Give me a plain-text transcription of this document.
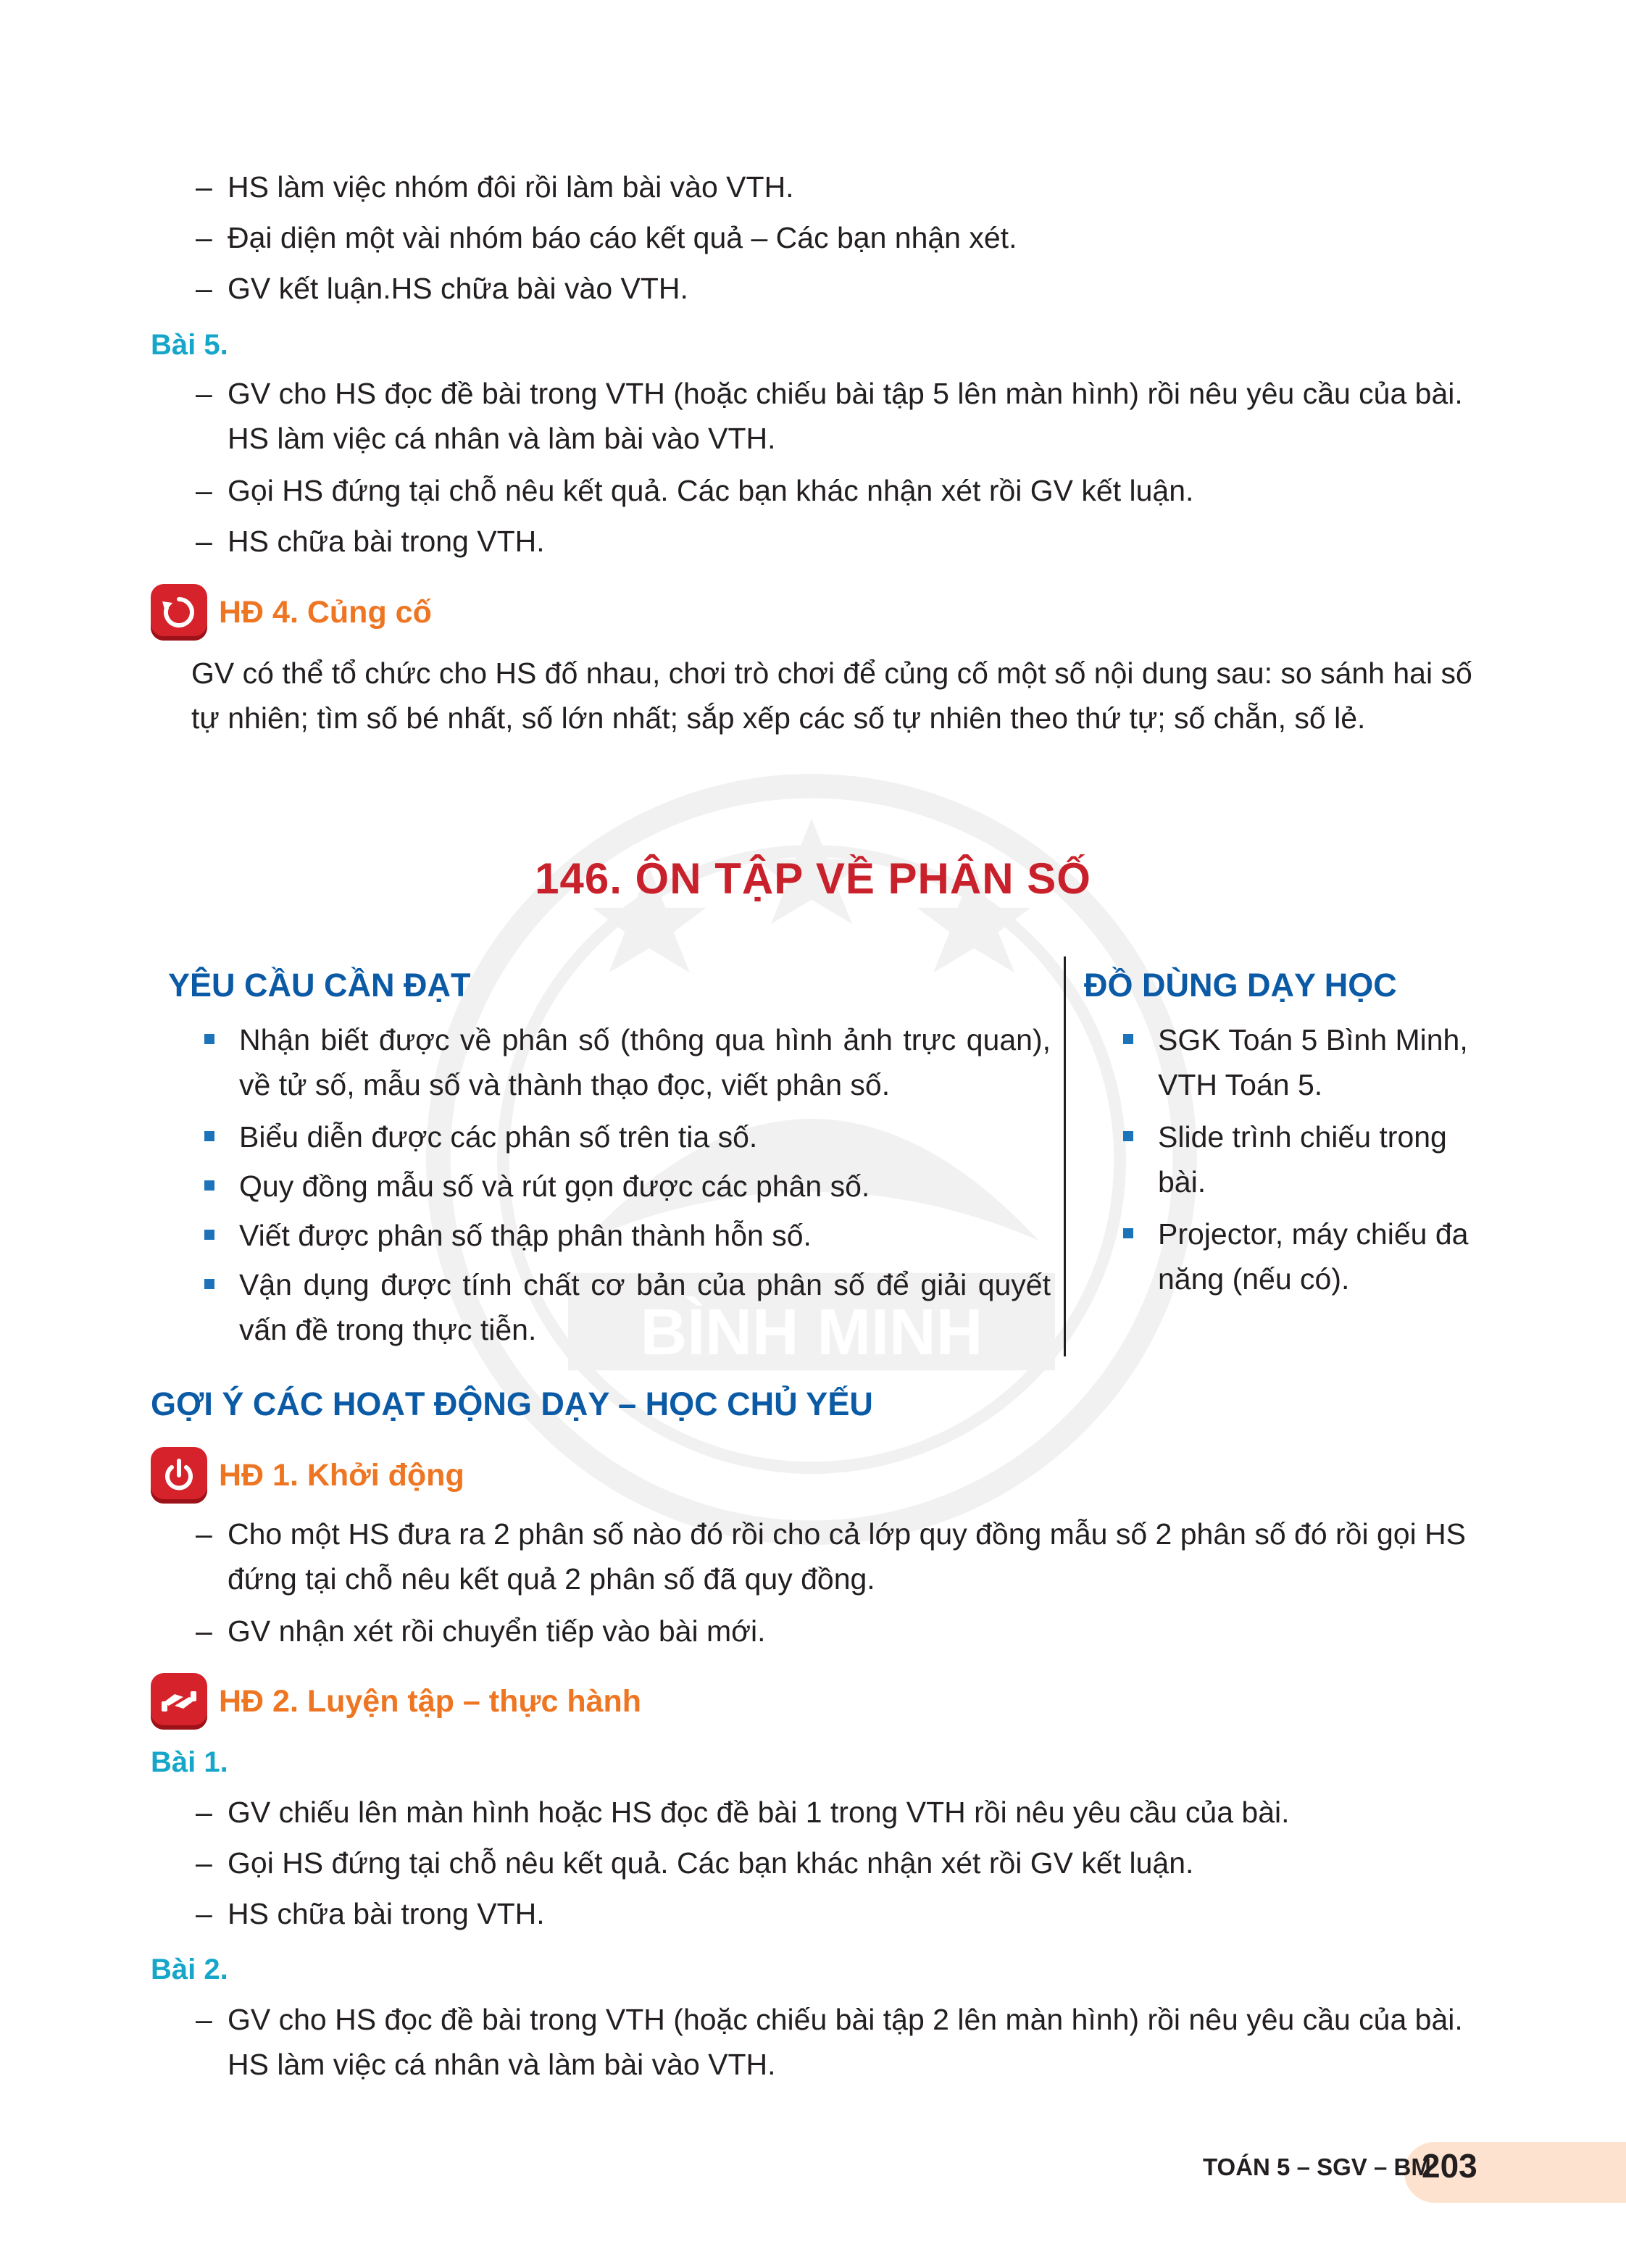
BÌNH MINH
– HS làm việc nhóm đôi rồi làm bài vào VTH.
– Đại diện một vài nhóm báo cáo kết quả – Các bạn nhận xét.
– GV kết luận.HS chữa bài vào VTH.
Bài 5.
– GV cho HS đọc đề bài trong VTH (hoặc chiếu bài tập 5 lên màn hình) rồi nêu yêu cầu của bài. HS làm việc cá nhân và làm bài vào VTH.
– Gọi HS đứng tại chỗ nêu kết quả. Các bạn khác nhận xét rồi GV kết luận.
– HS chữa bài trong VTH.
HĐ 4. Củng cố
GV có thể tổ chức cho HS đố nhau, chơi trò chơi để củng cố một số nội dung sau: so sánh hai số tự nhiên; tìm số bé nhất, số lớn nhất; sắp xếp các số tự nhiên theo thứ tự; số chẵn, số lẻ.
146. ÔN TẬP VỀ PHÂN SỐ
YÊU CẦU CẦN ĐẠT
Nhận biết được về phân số (thông qua hình ảnh trực quan), về tử số, mẫu số và thành thạo đọc, viết phân số.
Biểu diễn được các phân số trên tia số.
Quy đồng mẫu số và rút gọn được các phân số.
Viết được phân số thập phân thành hỗn số.
Vận dụng được tính chất cơ bản của phân số để giải quyết vấn đề trong thực tiễn.
ĐỒ DÙNG DẠY HỌC
SGK Toán 5 Bình Minh, VTH Toán 5.
Slide trình chiếu trong bài.
Projector, máy chiếu đa năng (nếu có).
GỢI Ý CÁC HOẠT ĐỘNG DẠY – HỌC CHỦ YẾU
HĐ 1. Khởi động
– Cho một HS đưa ra 2 phân số nào đó rồi cho cả lớp quy đồng mẫu số 2 phân số đó rồi gọi HS đứng tại chỗ nêu kết quả 2 phân số đã quy đồng.
– GV nhận xét rồi chuyển tiếp vào bài mới.
HĐ 2. Luyện tập – thực hành
Bài 1.
– GV chiếu lên màn hình hoặc HS đọc đề bài 1 trong VTH rồi nêu yêu cầu của bài.
– Gọi HS đứng tại chỗ nêu kết quả. Các bạn khác nhận xét rồi GV kết luận.
– HS chữa bài trong VTH.
Bài 2.
– GV cho HS đọc đề bài trong VTH (hoặc chiếu bài tập 2 lên màn hình) rồi nêu yêu cầu của bài. HS làm việc cá nhân và làm bài vào VTH.
TOÁN 5 – SGV – BM
203
